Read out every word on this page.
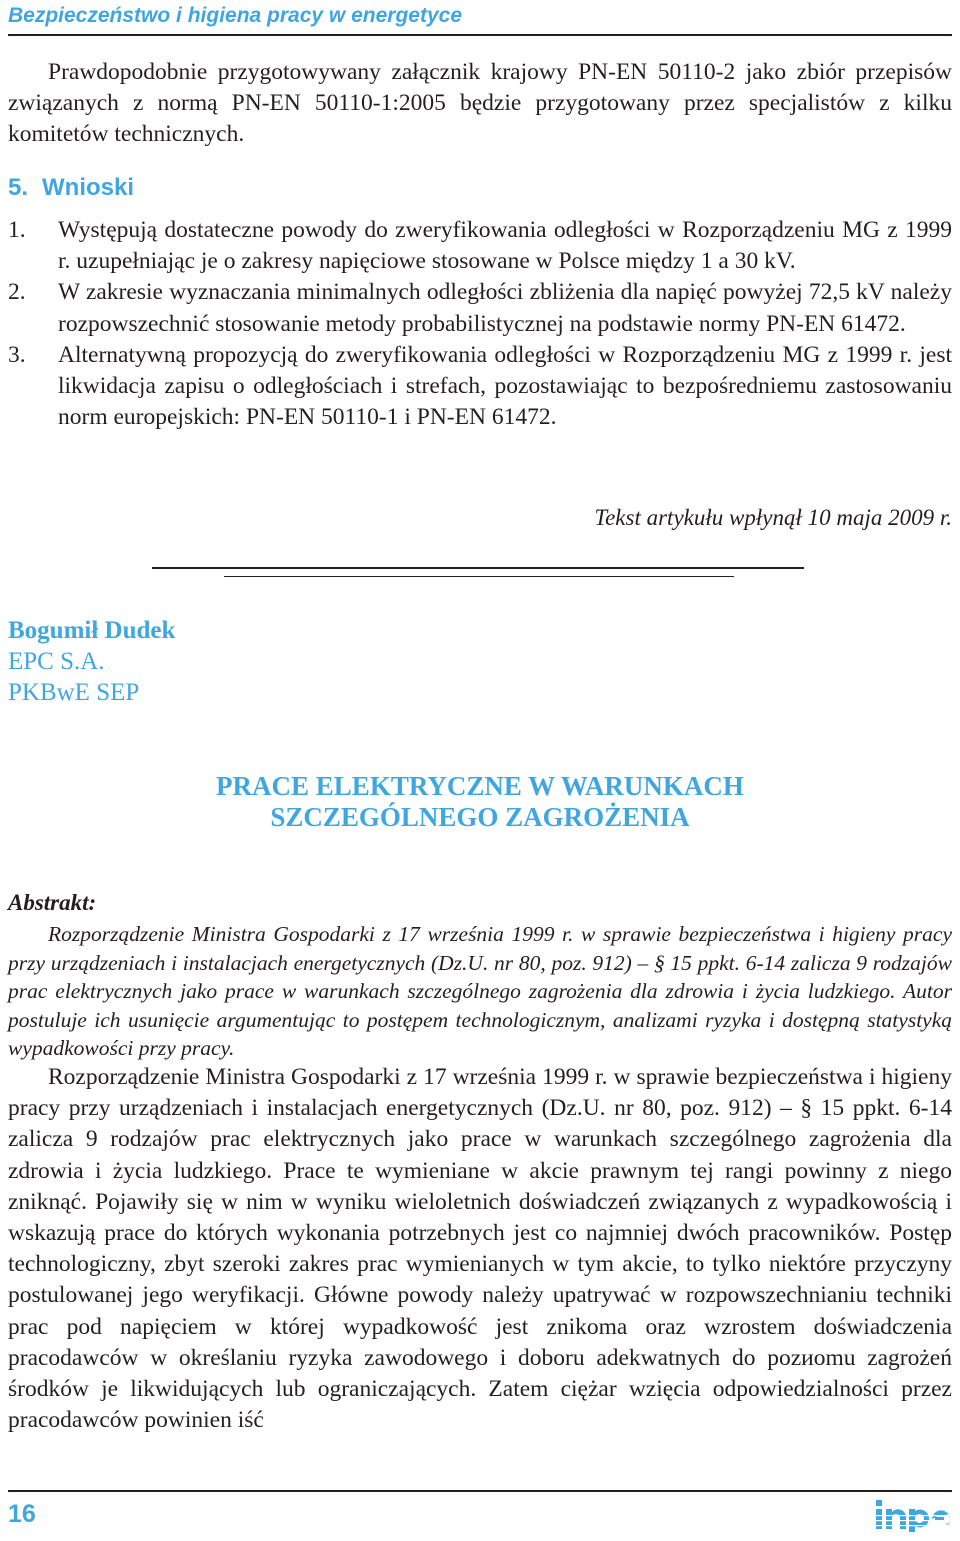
Bezpieczeństwo i higiena pracy w energetyce

Prawdopodobnie przygotowywany załącznik krajowy PN-EN 50110-2 jako zbiór przepisów związanych z normą PN-EN 50110-1:2005 będzie przygotowany przez specjalistów z kilku komitetów technicznych.

5. Wnioski
1. Występują dostateczne powody do zweryfikowania odległości w Rozporządzeniu MG z 1999 r. uzupełniając je o zakresy napięciowe stosowane w Polsce między 1 a 30 kV.
2. W zakresie wyznaczania minimalnych odległości zbliżenia dla napięć powyżej 72,5 kV należy rozpowszechnić stosowanie metody probabilistycznej na podstawie normy PN-EN 61472.
3. Alternatywną propozycją do zweryfikowania odległości w Rozporządzeniu MG z 1999 r. jest likwidacja zapisu o odległościach i strefach, pozostawiając to bezpośredniemu zastosowaniu norm europejskich: PN-EN 50110-1 i PN-EN 61472.
Tekst artykułu wpłynął 10 maja 2009 r.
Bogumił Dudek
EPC S.A.
PKBwE SEP
PRACE ELEKTRYCZNE W WARUNKACH
SZCZEGÓLNEGO ZAGROŻENIA
Abstrakt:

Rozporządzenie Ministra Gospodarki z 17 września 1999 r. w sprawie bezpieczeństwa i higieny pracy przy urządzeniach i instalacjach energetycznych (Dz.U. nr 80, poz. 912) – § 15 ppkt. 6-14 zalicza 9 rodzajów prac elektrycznych jako prace w warunkach szczególnego zagrożenia dla zdrowia i życia ludzkiego. Autor postuluje ich usunięcie argumentując to postępem technologicznym, analizami ryzyka i dostępną statystyką wypadkowości przy pracy.

Rozporządzenie Ministra Gospodarki z 17 września 1999 r. w sprawie bezpieczeństwa i higieny pracy przy urządzeniach i instalacjach energetycznych (Dz.U. nr 80, poz. 912) – § 15 ppkt. 6-14 zalicza 9 rodzajów prac elektrycznych jako prace w warunkach szczególnego zagrożenia dla zdrowia i życia ludzkiego. Prace te wymieniane w akcie prawnym tej rangi powinny z niego zniknąć. Pojawiły się w nim w wyniku wieloletnich doświadczeń związanych z wypadkowością i wskazują prace do których wykonania potrzebnych jest co najmniej dwóch pracowników. Postęp technologiczny, zbyt szeroki zakres prac wymienianych w tym akcie, to tylko niektóre przyczyny postulowanej jego weryfikacji. Główne powody należy upatrywać w rozpowszechnianiu techniki prac pod napięciem w której wypadkowość jest znikoma oraz wzrostem doświadczenia pracodawców w określaniu ryzyka zawodowego i doboru adekwatnych do pozиomu zagrożeń środków je likwidujących lub ograniczających. Zatem ciężar wzięcia odpowiedzialności przez pracodawców powinien iść

16
